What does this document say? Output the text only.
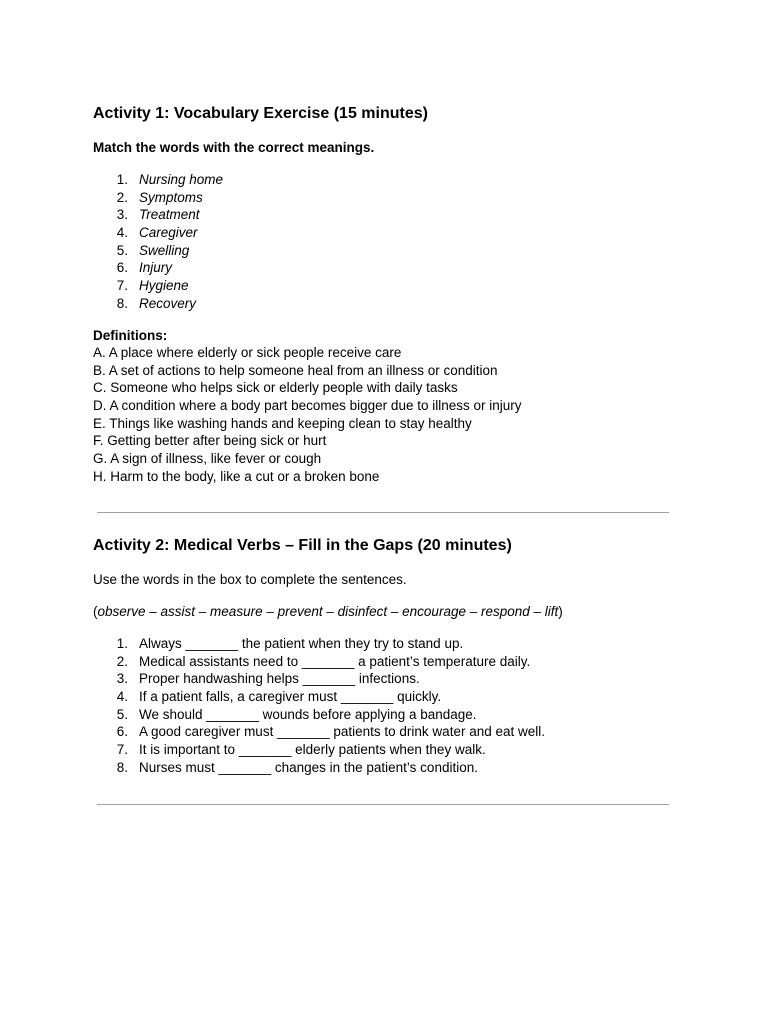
Activity 1: Vocabulary Exercise (15 minutes)

Match the words with the correct meanings.

1. Nursing home
2. Symptoms
3. Treatment
4. Caregiver
5. Swelling
6. Injury
7. Hygiene
8. Recovery

Definitions:

A. A place where elderly or sick people receive care
B. A set of actions to help someone heal from an illness or condition
C. Someone who helps sick or elderly people with daily tasks
D. A condition where a body part becomes bigger due to illness or injury
E. Things like washing hands and keeping clean to stay healthy
F. Getting better after being sick or hurt
G. A sign of illness, like fever or cough
H. Harm to the body, like a cut or a broken bone
Activity 2: Medical Verbs – Fill in the Gaps (20 minutes)

Use the words in the box to complete the sentences.

(observe – assist – measure – prevent – disinfect – encourage – respond – lift)

1. Always _______ the patient when they try to stand up.
2. Medical assistants need to _______ a patient’s temperature daily.
3. Proper handwashing helps _______ infections.
4. If a patient falls, a caregiver must _______ quickly.
5. We should _______ wounds before applying a bandage.
6. A good caregiver must _______ patients to drink water and eat well.
7. It is important to _______ elderly patients when they walk.
8. Nurses must _______ changes in the patient’s condition.
